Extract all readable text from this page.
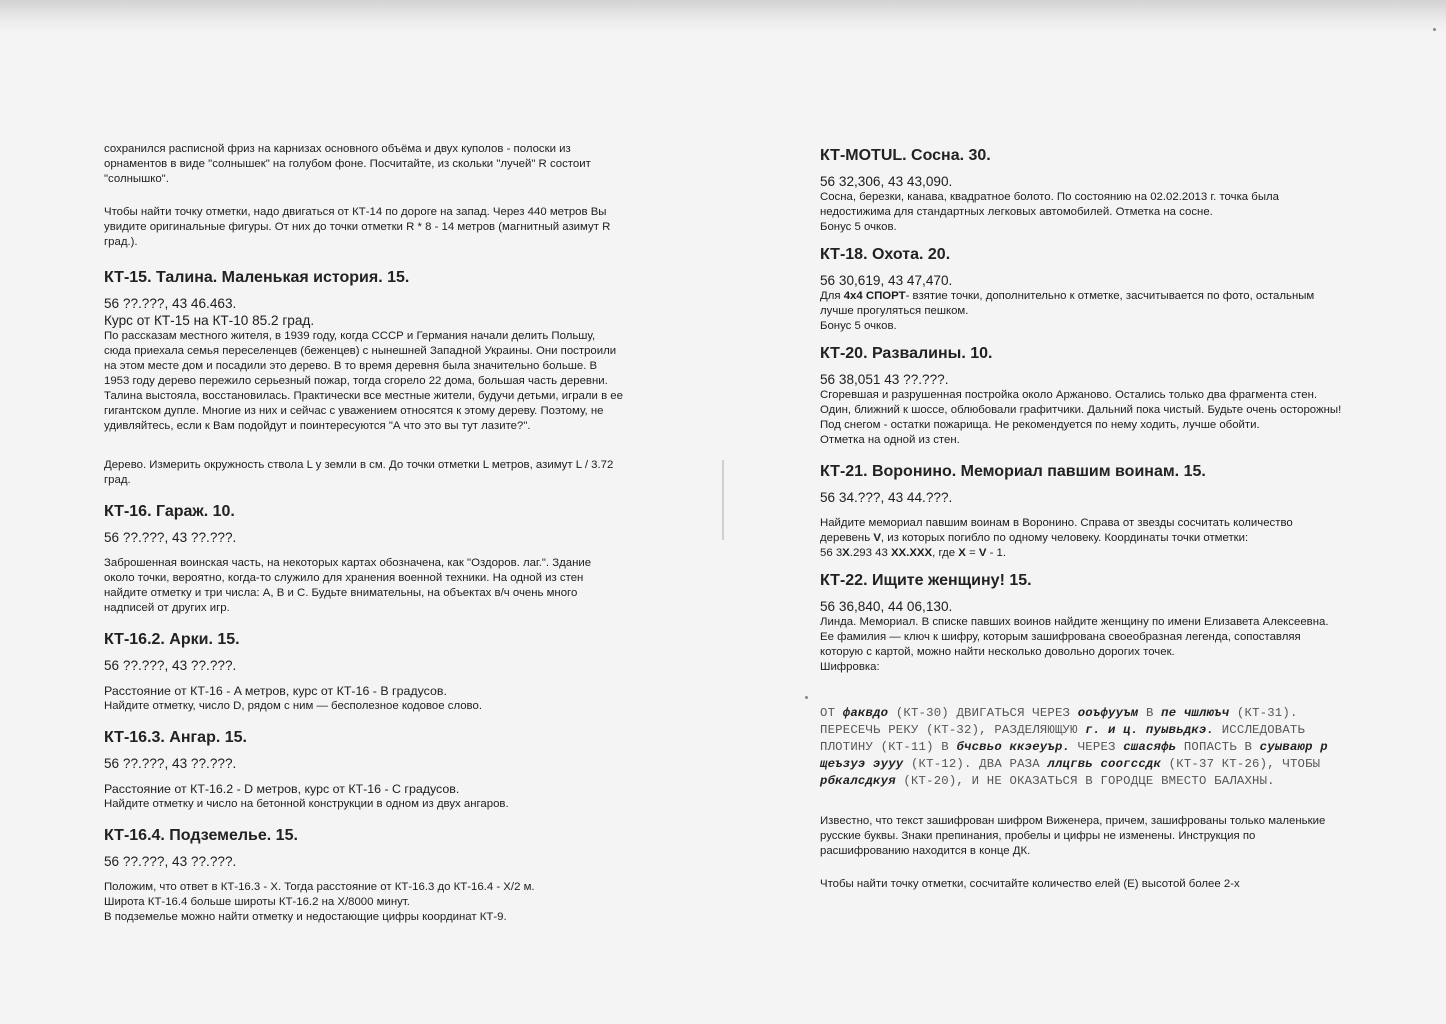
сохранился расписной фриз на карнизах основного объёма и двух куполов - полоски из орнаментов в виде "солнышек" на голубом фоне. Посчитайте, из скольки "лучей" R состоит "солнышко".

Чтобы найти точку отметки, надо двигаться от КТ-14 по дороге на запад. Через 440 метров Вы увидите оригинальные фигуры. От них до точки отметки R * 8 - 14 метров (магнитный азимут R град.).

КТ-15. Талина. Маленькая история. 15.
56 ??.???, 43 46.463.
Курс от КТ-15 на КТ-10 85.2 град.

По рассказам местного жителя, в 1939 году, когда СССР и Германия начали делить Польшу, сюда приехала семья переселенцев (беженцев) с нынешней Западной Украины. Они построили на этом месте дом и посадили это дерево. В то время деревня была значительно больше. В 1953 году дерево пережило серьезный пожар, тогда сгорело 22 дома, большая часть деревни. Талина выстояла, восстановилась. Практически все местные жители, будучи детьми, играли в ее гигантском дупле. Многие из них и сейчас с уважением относятся к этому дереву. Поэтому, не удивляйтесь, если к Вам подойдут и поинтересуются "А что это вы тут лазите?".

Дерево. Измерить окружность ствола L у земли в см. До точки отметки L метров, азимут L / 3.72 град.

КТ-16. Гараж. 10.
56 ??.???, 43 ??.???.

Заброшенная воинская часть, на некоторых картах обозначена, как "Оздоров. лаг.". Здание около точки, вероятно, когда-то служило для хранения военной техники. На одной из стен найдите отметку и три числа: A, B и C. Будьте внимательны, на объектах в/ч очень много надписей от других игр.

КТ-16.2. Арки. 15.
56 ??.???, 43 ??.???.
Расстояние от КТ-16 - A метров, курс от КТ-16 - B градусов.

Найдите отметку, число D, рядом с ним — бесполезное кодовое слово.

КТ-16.3. Ангар. 15.
56 ??.???, 43 ??.???.
Расстояние от КТ-16.2 - D метров, курс от КТ-16 - C градусов.

Найдите отметку и число на бетонной конструкции в одном из двух ангаров.

КТ-16.4. Подземелье. 15.
56 ??.???, 43 ??.???.

Положим, что ответ в КТ-16.3 - X. Тогда расстояние от КТ-16.3 до КТ-16.4 - X/2 м.

Широта КТ-16.4 больше широты КТ-16.2 на X/8000 минут.

В подземелье можно найти отметку и недостающие цифры координат КТ-9.

КТ-MOTUL. Сосна. 30.
56 32,306, 43 43,090.

Сосна, березки, канава, квадратное болото. По состоянию на 02.02.2013 г. точка была недостижима для стандартных легковых автомобилей. Отметка на сосне.

Бонус 5 очков.

КТ-18. Охота. 20.
56 30,619, 43 47,470.

Для 4х4 СПОРТ- взятие точки, дополнительно к отметке, засчитывается по фото, остальным лучше прогуляться пешком.

Бонус 5 очков.

КТ-20. Развалины. 10.
56 38,051 43 ??.???.

Сгоревшая и разрушенная постройка около Аржаново. Остались только два фрагмента стен. Один, ближний к шоссе, облюбовали графитчики. Дальний пока чистый. Будьте очень осторожны! Под снегом - остатки пожарища. Не рекомендуется по нему ходить, лучше обойти.

Отметка на одной из стен.

КТ-21. Воронино. Мемориал павшим воинам. 15.
56 34.???, 43 44.???.

Найдите мемориал павшим воинам в Воронино. Справа от звезды сосчитать количество деревень V, из которых погибло по одному человеку. Координаты точки отметки:

56 3X.293 43 XX.XXX, где X = V - 1.

КТ-22. Ищите женщину! 15.
56 36,840, 44 06,130.

Линда. Мемориал. В списке павших воинов найдите женщину по имени Елизавета Алексеевна. Ее фамилия — ключ к шифру, которым зашифрована своеобразная легенда, сопоставляя которую с картой, можно найти несколько довольно дорогих точек.

Шифровка:

ОТ факвдо (КТ-30) ДВИГАТЬСЯ ЧЕРЕЗ ооъфууъм В пе чшлюъч (КТ-31). ПЕРЕСЕЧЬ РЕКУ (КТ-32), РАЗДЕЛЯЮЩУЮ г. и ц. пуывьдкэ. ИССЛЕДОВАТЬ ПЛОТИНУ (КТ-11) В бчсвьо ккэеуър. ЧЕРЕЗ сшасяфь ПОПАСТЬ В суываюр р щеъзуэ эууу (КТ-12). ДВА РАЗА ллцгвь соогссдк (КТ-37 КТ-26), ЧТОБЫ рбкалсдкуя (КТ-20), И НЕ ОКАЗАТЬСЯ В ГОРОДЦЕ ВМЕСТО БАЛАХНЫ.

Известно, что текст зашифрован шифром Виженера, причем, зашифрованы только маленькие русские буквы. Знаки препинания, пробелы и цифры не изменены. Инструкция по расшифрованию находится в конце ДК.

Чтобы найти точку отметки, сосчитайте количество елей (Е) высотой более 2-х
